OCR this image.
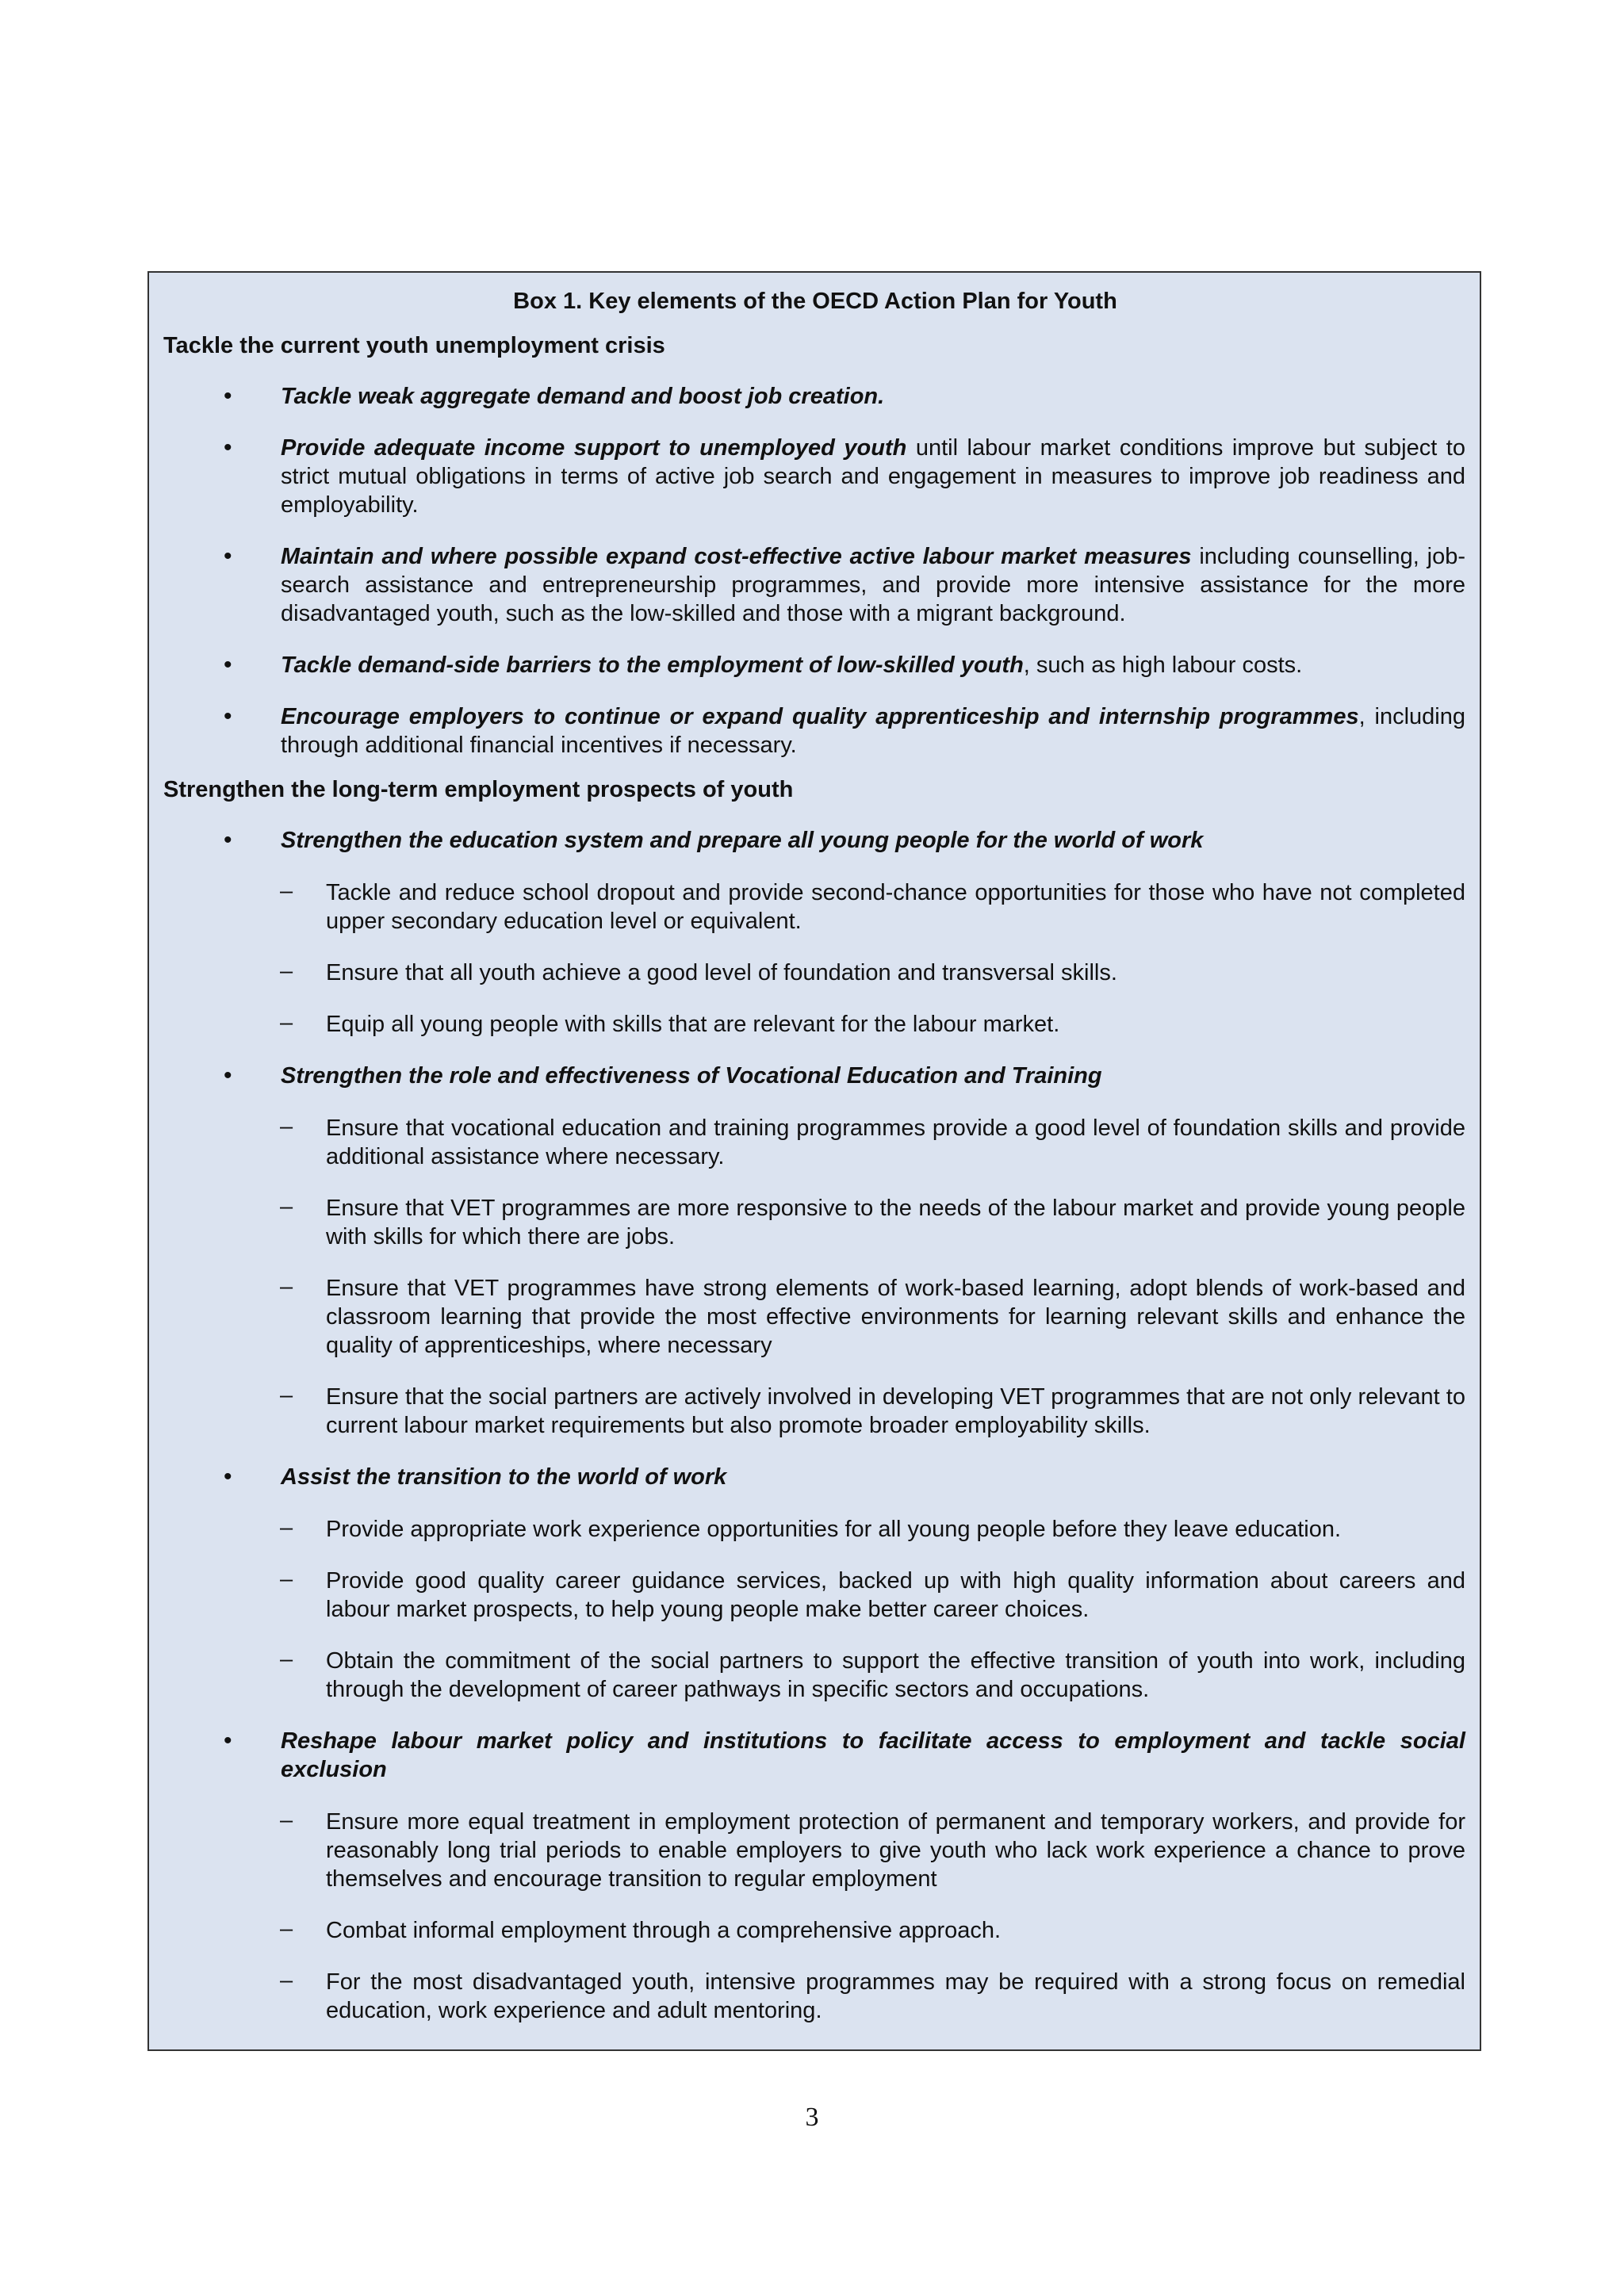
Box 1. Key elements of the OECD Action Plan for Youth
Tackle the current youth unemployment crisis
• Tackle weak aggregate demand and boost job creation.
• Provide adequate income support to unemployed youth until labour market conditions improve but subject to strict mutual obligations in terms of active job search and engagement in measures to improve job readiness and employability.
• Maintain and where possible expand cost-effective active labour market measures including counselling, job-search assistance and entrepreneurship programmes, and provide more intensive assistance for the more disadvantaged youth, such as the low-skilled and those with a migrant background.
• Tackle demand-side barriers to the employment of low-skilled youth, such as high labour costs.
• Encourage employers to continue or expand quality apprenticeship and internship programmes, including through additional financial incentives if necessary.
Strengthen the long-term employment prospects of youth
• Strengthen the education system and prepare all young people for the world of work
– Tackle and reduce school dropout and provide second-chance opportunities for those who have not completed upper secondary education level or equivalent.
– Ensure that all youth achieve a good level of foundation and transversal skills.
– Equip all young people with skills that are relevant for the labour market.
• Strengthen the role and effectiveness of Vocational Education and Training
– Ensure that vocational education and training programmes provide a good level of foundation skills and provide additional assistance where necessary.
– Ensure that VET programmes are more responsive to the needs of the labour market and provide young people with skills for which there are jobs.
– Ensure that VET programmes have strong elements of work-based learning, adopt blends of work-based and classroom learning that provide the most effective environments for learning relevant skills and enhance the quality of apprenticeships, where necessary
– Ensure that the social partners are actively involved in developing VET programmes that are not only relevant to current labour market requirements but also promote broader employability skills.
• Assist the transition to the world of work
– Provide appropriate work experience opportunities for all young people before they leave education.
– Provide good quality career guidance services, backed up with high quality information about careers and labour market prospects, to help young people make better career choices.
– Obtain the commitment of the social partners to support the effective transition of youth into work, including through the development of career pathways in specific sectors and occupations.
• Reshape labour market policy and institutions to facilitate access to employment and tackle social exclusion
– Ensure more equal treatment in employment protection of permanent and temporary workers, and provide for reasonably long trial periods to enable employers to give youth who lack work experience a chance to prove themselves and encourage transition to regular employment
– Combat informal employment through a comprehensive approach.
– For the most disadvantaged youth, intensive programmes may be required with a strong focus on remedial education, work experience and adult mentoring.
3
